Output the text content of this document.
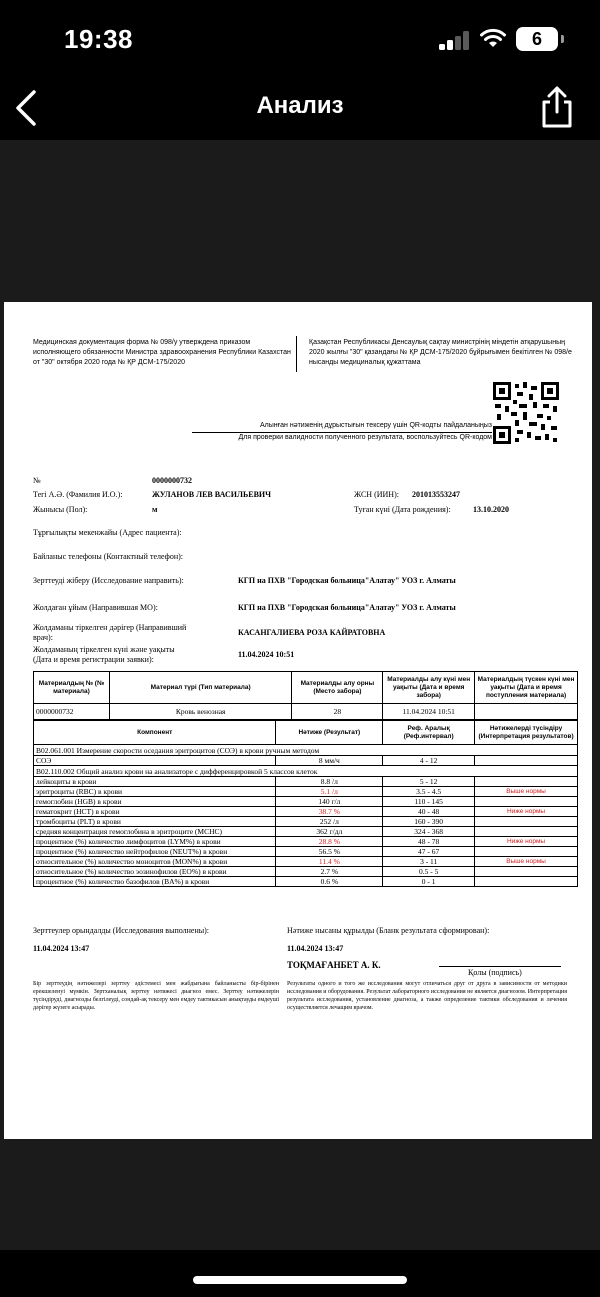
19:38	6
Анализ
Медицинская документация форма № 098/у утверждена приказом исполняющего обязанности Министра здравоохранения Республики Казахстан от "30" октября 2020 года № ҚР ДСМ-175/2020
Қазақстан Республикасы Денсаулық сақтау министрінің міндетін атқарушының 2020 жылғы "30" қазандағы № ҚР ДСМ-175/2020 бұйрығымен бекітілген № 098/е нысанды медициналық құжаттама
Алынған нәтиженің дұрыстығын тексеру үшін QR-кодты пайдаланыңыз
Для проверки валидности полученного результата, воспользуйтесь QR-кодом
№	0000000732
Тегі А.Ә. (Фамилия И.О.):	ЖУЛАНОВ ЛЕВ ВАСИЛЬЕВИЧ	ЖСН (ИИН): 201013553247
Жынысы (Пол):	м	Туған күні (Дата рождения):	13.10.2020
Тұрғылықты мекенжайы (Адрес пациента):
Байланыс телефоны (Контактный телефон):
Зерттеуді жіберу (Исследование направить):	КГП на ПХВ "Городская больница"Алатау" УОЗ г. Алматы
Жолдаған ұйым (Направившая МО):	КГП на ПХВ "Городская больница"Алатау" УОЗ г. Алматы
Жолдаманы тіркелген дәрігер (Направивший
врач):
КАСАНГАЛИЕВА РОЗА КАЙРАТОВНА
Жолдаманың тіркелген күні және уақыты
(Дата и время регистрации заявки):
11.04.2024 10:51
Материалдың № (№ материала)	Материал түрі (Тип материала)	Материалды алу орны (Место забора)	Материалды алу күні мен уақыты (Дата и время забора)	Материалдың түскен күні мен уақыты (Дата и время поступления материала)
0000000732	Кровь венозная	28	11.04.2024 10:51	
Компонент	Нәтиже (Результат)	Реф. Аралық (Реф.интервал)	Нәтижелерді түсіндіру (Интерпретация результатов)
B02.061.001 Измерение скорости оседания эритроцитов (СОЭ) в крови ручным методом			
СОЭ	8 мм/ч	4 - 12	
B02.110.002 Общий анализ крови на анализаторе с дифференцировкой 5 классов клеток			
лейкоциты в крови	8.8 /л	5 - 12	
эритроциты (RBC) в крови	5.1 /л	3.5 - 4.5	Выше нормы
гемоглобин (HGB) в крови	140 г/л	110 - 145	
гематокрит (HCT) в крови	38.7 %	40 - 48	Ниже нормы
тромбоциты (PLT) в крови	252 /л	160 - 390	
средняя концентрация гемоглобина в эритроците (MCHC)	362 г/дл	324 - 368	
процентное (%) количество лимфоцитов (LYM%) в крови	28.8 %	48 - 78	Ниже нормы
процентное (%) количество нейтрофилов (NEUT%) в крови	56.5 %	47 - 67	
относительное (%) количество моноцитов (MON%) в крови	11.4 %	3 - 11	Выше нормы
относительное (%) количество эозинофилов (EO%) в крови	2.7 %	0.5 - 5	
процентное (%) количество базофилов (BA%) в крови	0.6 %	0 - 1	
Зерттеулер орындалды (Исследования выполнены):
11.04.2024 13:47
Нәтиже нысаны құрылды (Бланк результата сформирован):
11.04.2024 13:47
ТОҚМАҒАНБЕТ А. К.
Қолы (подпись)
Бір зерттеудің нәтижелері зерттеу әдістемесі мен жабдығына байланысты бір-бірінен ерекшеленуі мүмкін. Зертханалық зерттеу нәтижесі диагноз емес. Зерттеу нәтижелерін түсіндіруді, диагнозды белгілеуді, сондай-ақ тексеру мен емдеу тактикасын анықтауды емдеуші дәрігер жүзеге асырады.
Результаты одного и того же исследования могут отличаться друг от друга в зависимости от методики исследования и оборудования. Результат лабораторного исследования не является диагнозом. Интерпретация результата исследования, установление диагноза, а также определение тактики обследования и лечения осуществляется лечащим врачом.
